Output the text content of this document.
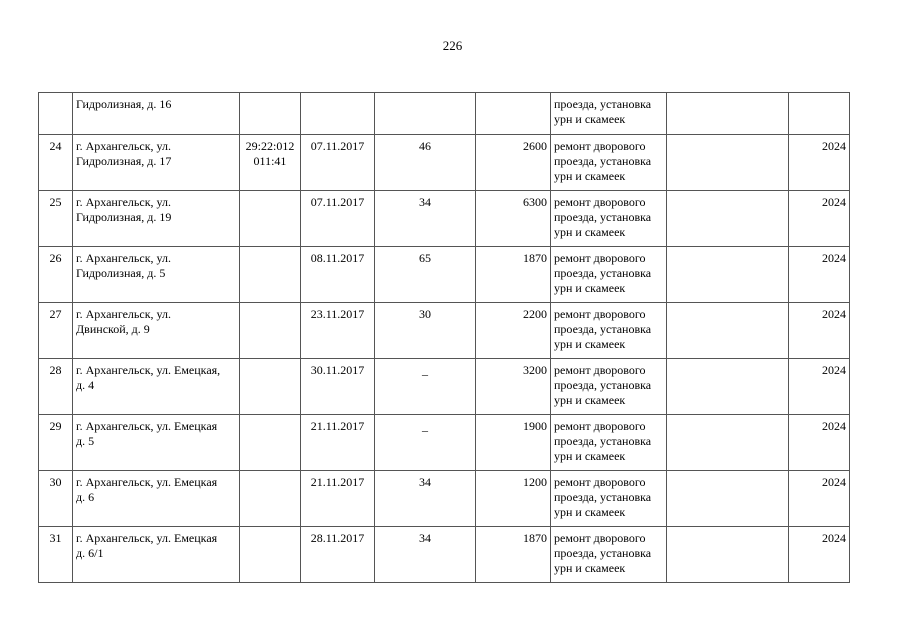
226
	Гидролизная, д. 16					проезда, установка
урн и скамеек		
24	г. Архангельск, ул.
Гидролизная, д. 17	29:22:012
011:41	07.11.2017	46	2600	ремонт дворового
проезда, установка
урн и скамеек		2024
25	г. Архангельск, ул.
Гидролизная, д. 19		07.11.2017	34	6300	ремонт дворового
проезда, установка
урн и скамеек		2024
26	г. Архангельск, ул.
Гидролизная, д. 5		08.11.2017	65	1870	ремонт дворового
проезда, установка
урн и скамеек		2024
27	г. Архангельск, ул.
Двинской, д. 9		23.11.2017	30	2200	ремонт дворового
проезда, установка
урн и скамеек		2024
28	г. Архангельск, ул. Емецкая,
д. 4		30.11.2017	_	3200	ремонт дворового
проезда, установка
урн и скамеек		2024
29	г. Архангельск, ул. Емецкая
д. 5		21.11.2017	_	1900	ремонт дворового
проезда, установка
урн и скамеек		2024
30	г. Архангельск, ул. Емецкая
д. 6		21.11.2017	34	1200	ремонт дворового
проезда, установка
урн и скамеек		2024
31	г. Архангельск, ул. Емецкая
д. 6/1		28.11.2017	34	1870	ремонт дворового
проезда, установка
урн и скамеек		2024
